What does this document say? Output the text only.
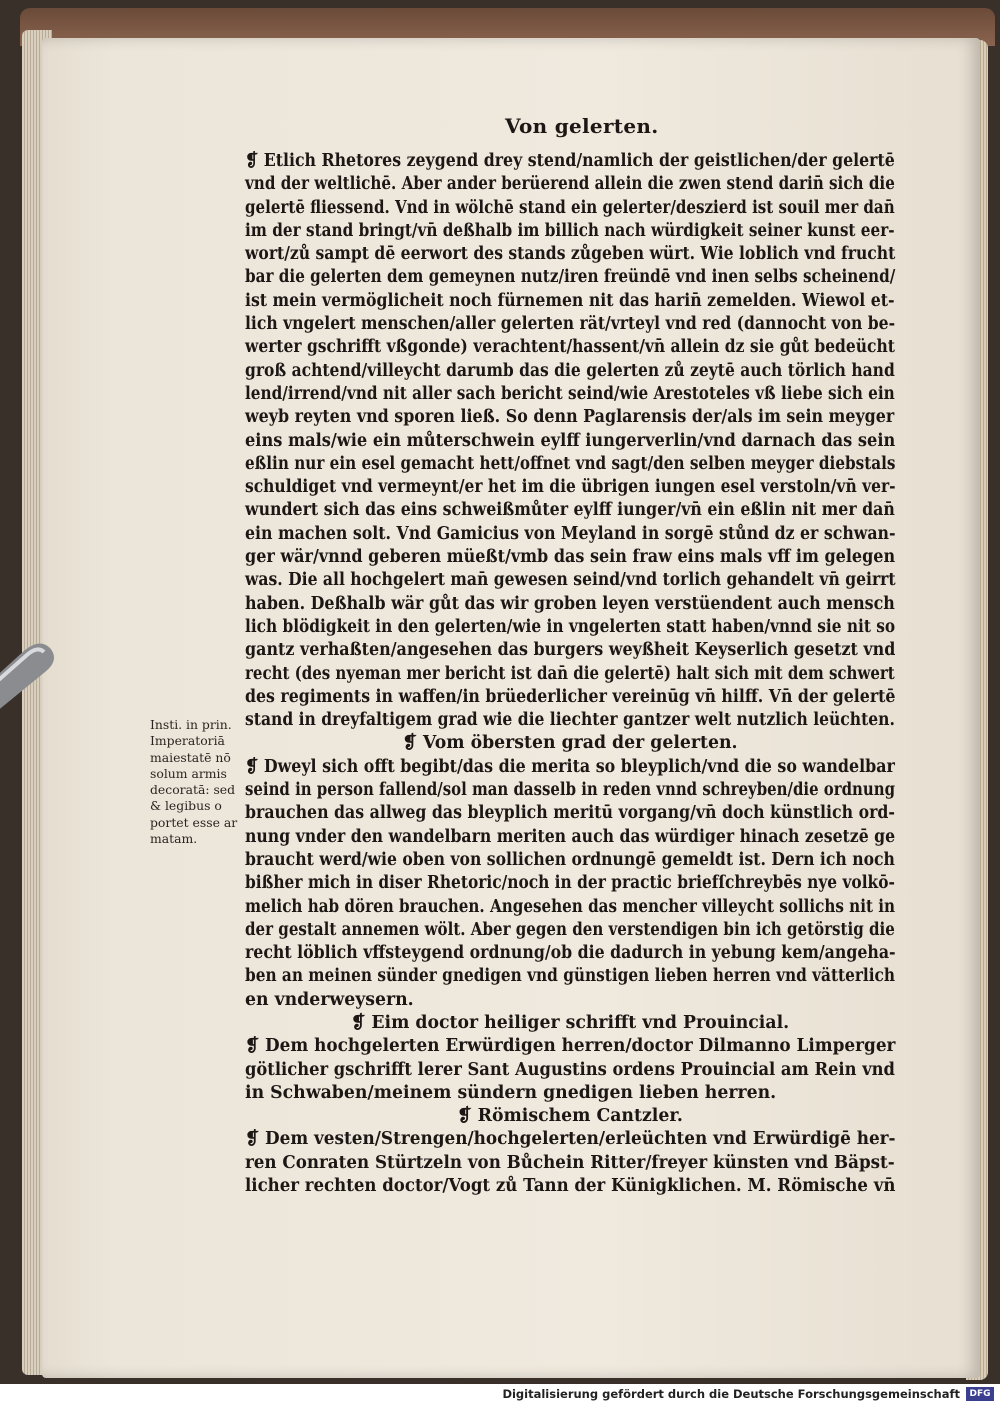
Von gelerten.
❡ Etlich Rhetores zeygend drey stend/namlich der geistlichen/der gelertē
vnd der weltlichē. Aber ander berüerend allein die zwen stend darin̄ sich die
gelertē fliessend. Vnd in wölchē stand ein gelerter/deszierd ist souil mer dan̄
im der stand bringt/vn̄ deßhalb im billich nach würdigkeit seiner kunst eer-
wort/zů sampt dē eerwort des stands zůgeben würt. Wie loblich vnd frucht
bar die gelerten dem gemeynen nutz/iren freündē vnd inen selbs scheinend/
ist mein vermöglicheit noch fürnemen nit das harin̄ zemelden. Wiewol et-
lich vngelert menschen/aller gelerten rät/vrteyl vnd red (dannocht von be-
werter gschrifft vßgonde) verachtent/hassent/vn̄ allein dz sie gůt bedeücht
groß achtend/villeycht darumb das die gelerten zů zeytē auch törlich hand
lend/irrend/vnd nit aller sach bericht seind/wie Arestoteles vß liebe sich ein
weyb reyten vnd sporen ließ. So denn Paglarensis der/als im sein meyger
eins mals/wie ein můterschwein eylff iungerverlin/vnd darnach das sein
eßlin nur ein esel gemacht hett/offnet vnd sagt/den selben meyger diebstals
schuldiget vnd vermeynt/er het im die übrigen iungen esel verstoln/vn̄ ver-
wundert sich das eins schweißmůter eylff iunger/vn̄ ein eßlin nit mer dan̄
ein machen solt. Vnd Gamicius von Meyland in sorgē stůnd dz er schwan-
ger wär/vnnd geberen müeßt/vmb das sein fraw eins mals vff im gelegen
was. Die all hochgelert man̄ gewesen seind/vnd torlich gehandelt vn̄ geirrt
haben. Deßhalb wär gůt das wir groben leyen verstüendent auch mensch
lich blödigkeit in den gelerten/wie in vngelerten statt haben/vnnd sie nit so
gantz verhaßten/angesehen das burgers weyßheit Keyserlich gesetzt vnd
recht (des nyeman mer bericht ist dan̄ die gelertē) halt sich mit dem schwert
des regiments in waffen/in brüederlicher vereinūg vn̄ hilff. Vn̄ der gelertē
stand in dreyfaltigem grad wie die liechter gantzer welt nutzlich leüchten.
❡ Vom öbersten grad der gelerten.
❡ Dweyl sich offt begibt/das die merita so bleyplich/vnd die so wandelbar
seind in person fallend/sol man dasselb in reden vnnd schreyben/die ordnung
brauchen das allweg das bleyplich meritū vorgang/vn̄ doch künstlich ord-
nung vnder den wandelbarn meriten auch das würdiger hinach zesetzē ge
braucht werd/wie oben von sollichen ordnungē gemeldt ist. Dern ich noch
bißher mich in diser Rhetoric/noch in der practic briefſchreybēs nye volkō-
melich hab dören brauchen. Angesehen das mencher villeycht sollichs nit in
der gestalt annemen wölt. Aber gegen den verstendigen bin ich getörstig die
recht löblich vffsteygend ordnung/ob die dadurch in yebung kem/angeha-
ben an meinen sünder gnedigen vnd günstigen lieben herren vnd vätterlich
en vnderweysern.
❡ Eim doctor heiliger schrifft vnd Prouincial.
❡ Dem hochgelerten Erwürdigen herren/doctor Dilmanno Limperger
götlicher gschrifft lerer Sant Augustins ordens Prouincial am Rein vnd
in Schwaben/meinem sündern gnedigen lieben herren.
❡ Römischem Cantzler.
❡ Dem vesten/Strengen/hochgelerten/erleüchten vnd Erwürdigē her-
ren Conraten Stürtzeln von Bůchein Ritter/freyer künsten vnd Bäpst-
licher rechten doctor/Vogt zů Tann der Künigklichen. M. Römische vn̄
Insti. in prin.
Imperatoriā
maiestatē nō
solum armis
decoratā: sed
& legibus o
portet esse ar
matam.
Digitalisierung gefördert durch die Deutsche Forschungsgemeinschaft	DFG
